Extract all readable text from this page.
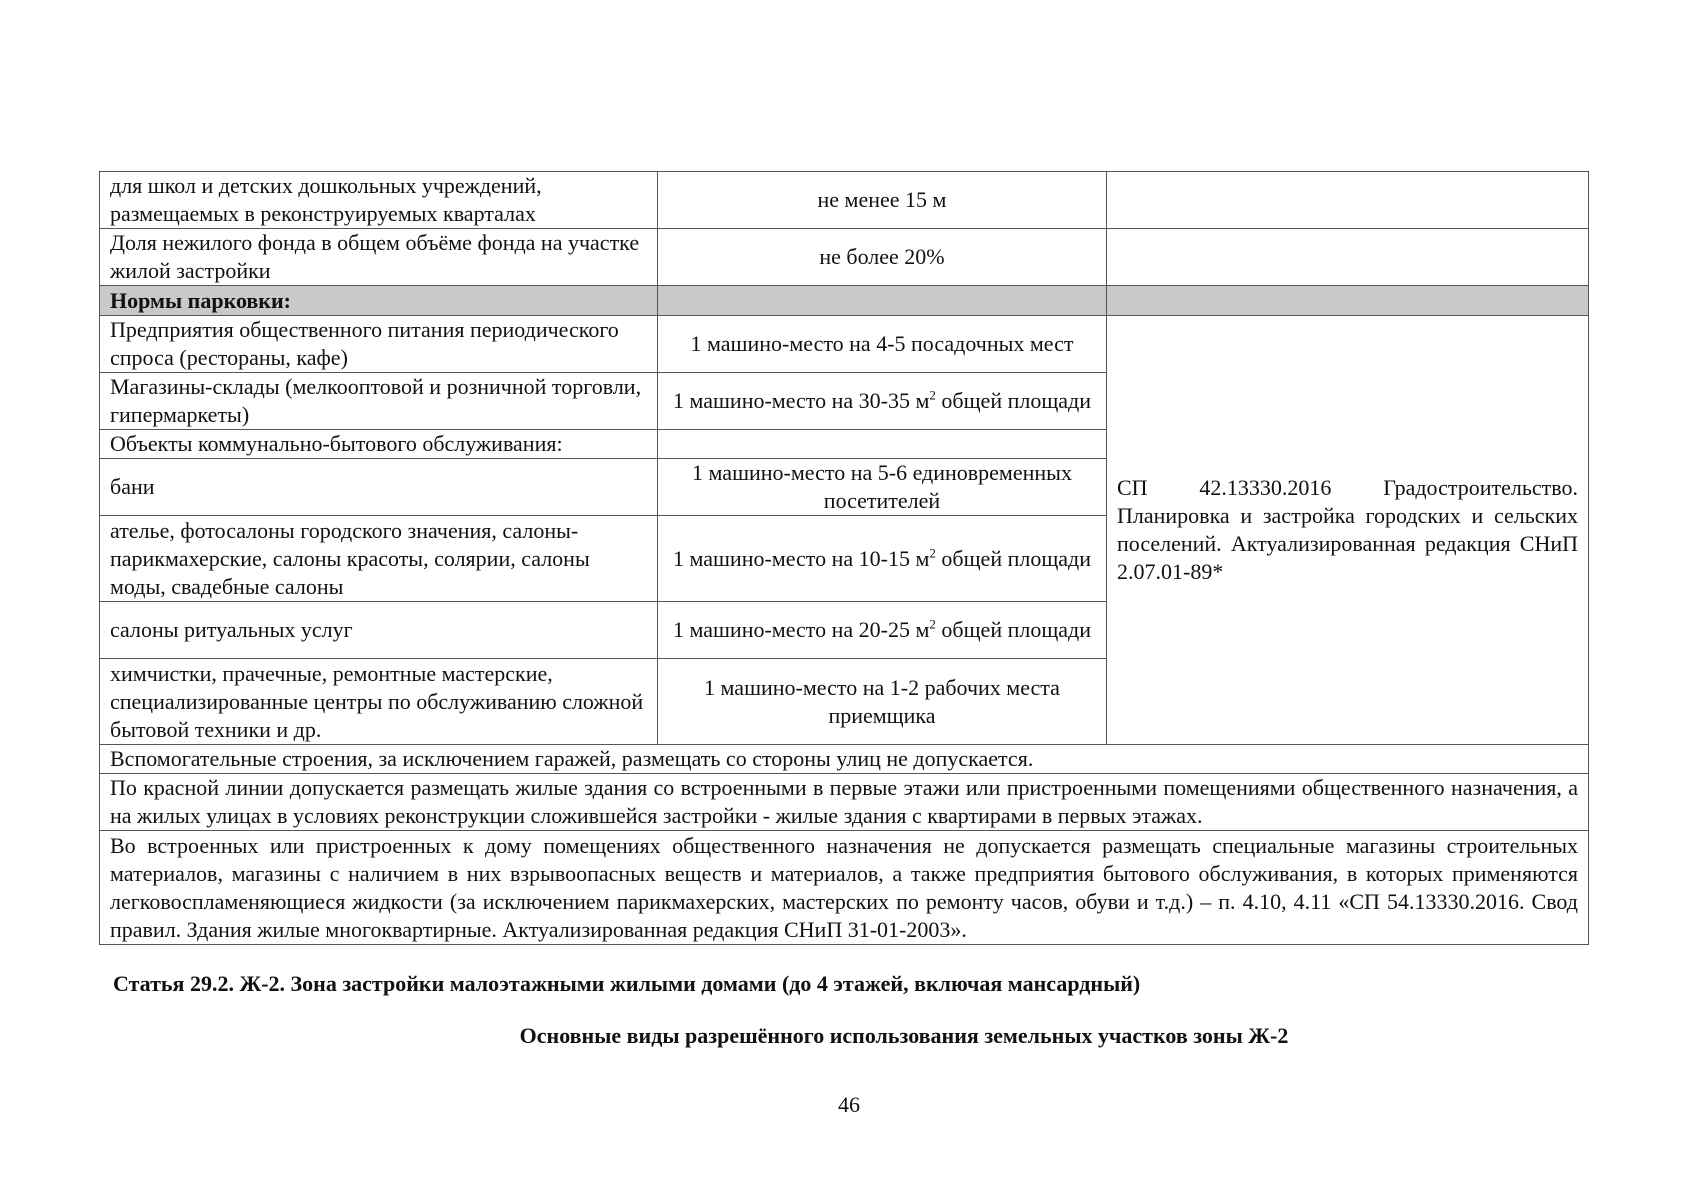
для школ и детских дошкольных учреждений, размещаемых в реконструируемых кварталах	не менее 15 м	
Доля нежилого фонда в общем объёме фонда на участке жилой застройки	не более 20%	
Нормы парковки:		
Предприятия общественного питания периодического спроса (рестораны, кафе)	1 машино-место на 4-5 посадочных мест	СП 42.13330.2016 Градостроительство. Планировка и застройка городских и сельских поселений. Актуализированная редакция СНиП 2.07.01-89*
Магазины-склады (мелкооптовой и розничной торговли, гипермаркеты)	1 машино-место на 30-35 $м^2$ общей площади	
Объекты коммунально-бытового обслуживания:		
бани	1 машино-место на 5-6 единовременных посетителей	
ателье, фотосалоны городского значения, салоны-парикмахерские, салоны красоты, солярии, салоны моды, свадебные салоны	1 машино-место на 10-15 $м^2$ общей площади	
салоны ритуальных услуг	1 машино-место на 20-25 $м^2$ общей площади	
химчистки, прачечные, ремонтные мастерские, специализированные центры по обслуживанию сложной бытовой техники и др.	1 машино-место на 1-2 рабочих места приемщика	
Вспомогательные строения, за исключением гаражей, размещать со стороны улиц не допускается.		
По красной линии допускается размещать жилые здания со встроенными в первые этажи или пристроенными помещениями общественного назначения, а на жилых улицах в условиях реконструкции сложившейся застройки - жилые здания с квартирами в первых этажах.		
Во встроенных или пристроенных к дому помещениях общественного назначения не допускается размещать специальные магазины строительных материалов, магазины с наличием в них взрывоопасных веществ и материалов, а также предприятия бытового обслуживания, в которых применяются легковоспламеняющиеся жидкости (за исключением парикмахерских, мастерских по ремонту часов, обуви и т.д.) – п. 4.10, 4.11 «СП 54.13330.2016. Свод правил. Здания жилые многоквартирные. Актуализированная редакция СНиП 31-01-2003».		
Статья 29.2. Ж-2. Зона застройки малоэтажными жилыми домами (до 4 этажей, включая мансардный)
Основные виды разрешённого использования земельных участков зоны Ж-2
46
